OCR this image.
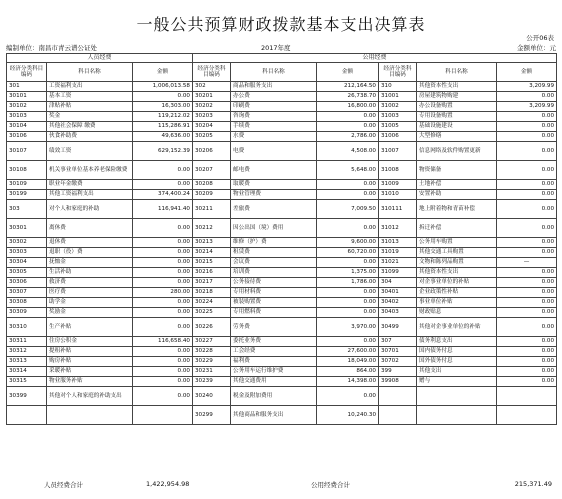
一般公共预算财政拨款基本支出决算表
公开06表
编制单位：南昌市青云谱公证处	2017年度	金额单位：元
人员经费			公用经费					
经济分类科目编码	科目名称	金额	经济分类科目编码	科目名称	金额	经济分类科目编码	科目名称	金额
301	工资福利支出	1,006,013.58	302	商品和服务支出	212,164.50	310	其他资本性支出	3,209.99
30101	基本工资	0.00	30201	办公费	26,738.70	31001	房屋建筑物购建	0.00
30102	津贴补贴	16,303.00	30202	印刷费	16,800.00	31002	办公设备购置	3,209.99
30103	奖金	119,212.02	30203	咨询费	0.00	31003	专用设备购置	0.00
30104	其他社会保障 缴费	115,286.91	30204	手续费	0.00	31005	基础设施建设	0.00
30106	伙食补助费	49,636.00	30205	水费	2,786.00	31006	大型修缮	0.00
30107	绩效工资	629,152.39	30206	电费	4,508.00	31007	信息网络及软件购置更新	0.00
30108	机关事业单位基本养老保险缴费	0.00	30207	邮电费	5,648.00	31008	物资储备	0.00
30109	职业年金缴费	0.00	30208	取暖费	0.00	31009	土地补偿	0.00
30199	其他工资福利支出	374,400.24	30209	物业管理费	0.00	31010	安置补助	0.00
303	对个人和家庭的补助	116,941.40	30211	差旅费	7,009.50	310111	地上附着物和青苗补偿	0.00
30301	离休费	0.00	30212	因公出国（境）费用	0.00	31012	拆迁补偿	0.00
30302	退休费	0.00	30213	维修（护）费	9,600.00	31013	公务用车购置	0.00
30303	退职（役）费	0.00	30214	租赁费	60,720.00	31019	其他交通工具购置	0.00
30304	抚恤金	0.00	30215	会议费	0.00	31021	文物和陈列品购置	—
30305	生活补助	0.00	30216	培训费	1,375.00	31099	其他资本性支出	0.00
30306	救济费	0.00	30217	公务接待费	1,786.00	304	对企事业单位的补贴	0.00
30307	医疗费	280.00	30218	专用材料费	0.00	30401	企业政策性补贴	0.00
30308	助学金	0.00	30224	被装购置费	0.00	30402	事业单位补贴	0.00
30309	奖励金	0.00	30225	专用燃料费	0.00	30403	财政贴息	0.00
30310	生产补贴	0.00	30226	劳务费	3,970.00	30499	其他对企事业单位的补贴	0.00
30311	住房公积金	116,658.40	30227	委托业务费	0.00	307	债务利息支出	0.00
30312	提租补贴	0.00	30228	工会经费	27,600.00	30701	国内债务付息	0.00
30313	购房补贴	0.00	30229	福利费	18,049.00	30702	国外债务付息	0.00
30314	采暖补贴	0.00	30231	公务用车运行维护费	864.00	399	其他支出	0.00
30315	物业服务补贴	0.00	30239	其他交通费用	14,398.00	39908	赠与	0.00
30399	其他对个人和家庭的补助支出	0.00	30240	税金及附加费用	0.00			
			30299	其他商品和服务支出	10,240.30			
人员经费合计	1,422,954.98	公用经费合计	215,371.49
